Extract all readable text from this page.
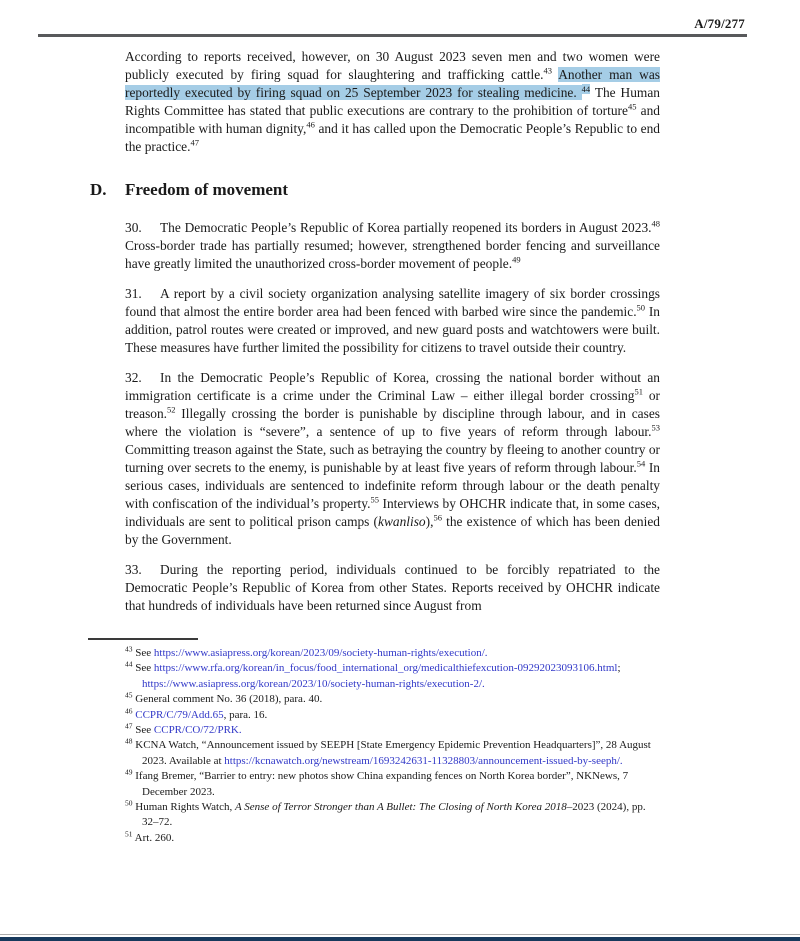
A/79/277

According to reports received, however, on 30 August 2023 seven men and two women were publicly executed by firing squad for slaughtering and trafficking cattle.$^{43}$ Another man was reportedly executed by firing squad on 25 September 2023 for stealing medicine. $^{44}$ The Human Rights Committee has stated that public executions are contrary to the prohibition of torture$^{45}$ and incompatible with human dignity,$^{46}$ and it has called upon the Democratic People’s Republic to end the practice.$^{47}$

D.	Freedom of movement

30. The Democratic People’s Republic of Korea partially reopened its borders in August 2023.48 Cross-border trade has partially resumed; however, strengthened border fencing and surveillance have greatly limited the unauthorized cross-border movement of people.$^{49}$

31. A report by a civil society organization analysing satellite imagery of six border crossings found that almost the entire border area had been fenced with barbed wire since the pandemic.$^{50}$ In addition, patrol routes were created or improved, and new guard posts and watchtowers were built. These measures have further limited the possibility for citizens to travel outside their country.

32. In the Democratic People’s Republic of Korea, crossing the national border without an immigration certificate is a crime under the Criminal Law – either illegal border crossing$^{51}$ or treason.$^{52}$ Illegally crossing the border is punishable by discipline through labour, and in cases where the violation is “severe”, a sentence of up to five years of reform through labour.$^{53}$ Committing treason against the State, such as betraying the country by fleeing to another country or turning over secrets to the enemy, is punishable by at least five years of reform through labour.$^{54}$ In serious cases, individuals are sentenced to indefinite reform through labour or the death penalty with confiscation of the individual’s property.$^{55}$ Interviews by OHCHR indicate that, in some cases, individuals are sent to political prison camps (kwanliso),$^{56}$ the existence of which has been denied by the Government.

33. During the reporting period, individuals continued to be forcibly repatriated to the Democratic People’s Republic of Korea from other States. Reports received by OHCHR indicate that hundreds of individuals have been returned since August from

$^{43}$ See https://www.asiapress.org/korean/2023/09/society-human-rights/execution/.
$^{44}$ See https://www.rfa.org/korean/in_focus/food_international_org/medicalthiefexcution-09292023093106.html; https://www.asiapress.org/korean/2023/10/society-human-rights/execution-2/.
$^{45}$ General comment No. 36 (2018), para. 40.
$^{46}$ CCPR/C/79/Add.65, para. 16.
$^{47}$ See CCPR/CO/72/PRK.
$^{48}$ KCNA Watch, “Announcement issued by SEEPH [State Emergency Epidemic Prevention Headquarters]”, 28 August 2023. Available at https://kcnawatch.org/newstream/1693242631-11328803/announcement-issued-by-seeph/.
$^{49}$ Ifang Bremer, “Barrier to entry: new photos show China expanding fences on North Korea border”, NKNews, 7 December 2023.
$^{50}$ Human Rights Watch, A Sense of Terror Stronger than A Bullet: The Closing of North Korea 2018–2023 (2024), pp. 32–72.
$^{51}$ Art. 260.
